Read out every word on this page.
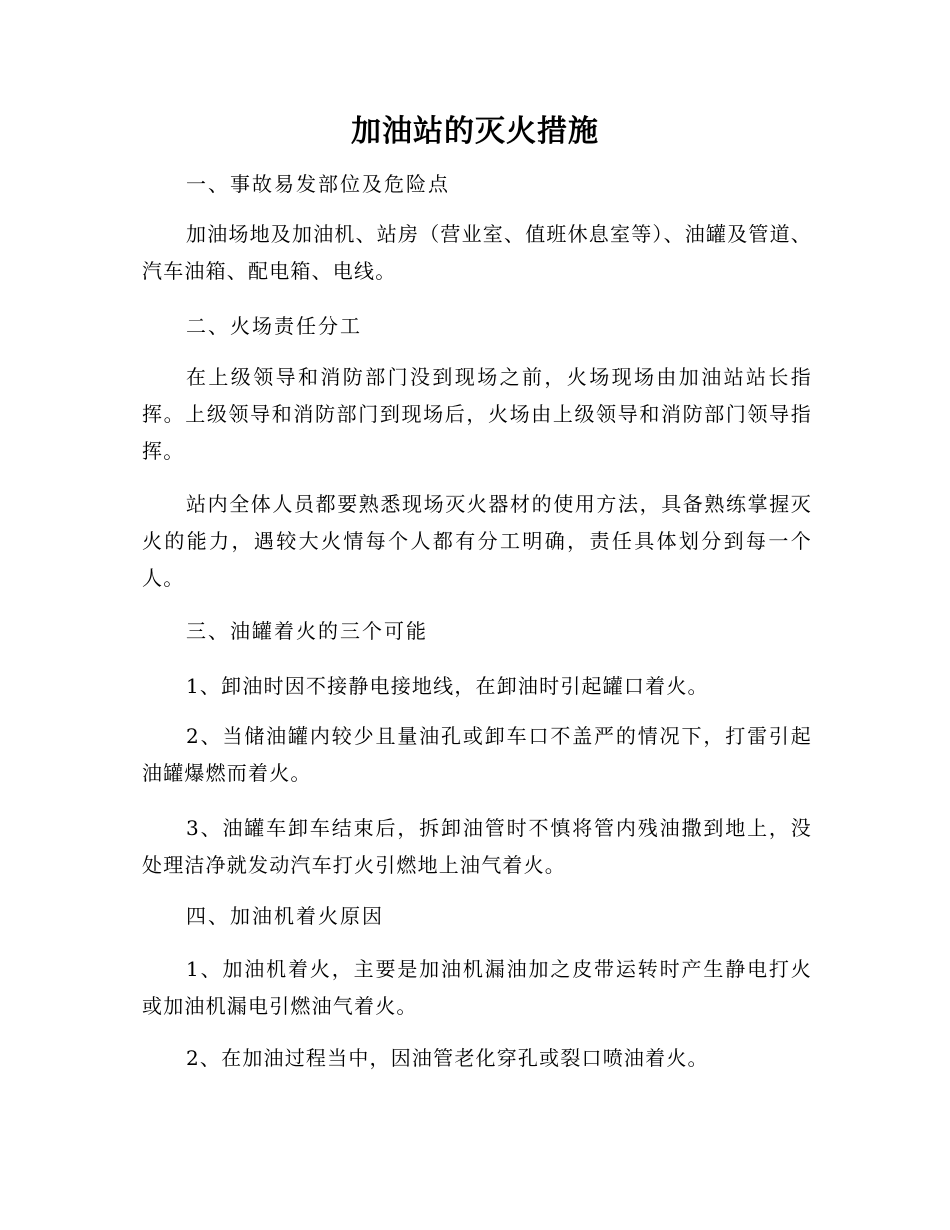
加油站的灭火措施

一、事故易发部位及危险点

加油场地及加油机、站房（营业室、值班休息室等）、油罐及管道、汽车油箱、配电箱、电线。

二、火场责任分工

在上级领导和消防部门没到现场之前，火场现场由加油站站长指挥。上级领导和消防部门到现场后，火场由上级领导和消防部门领导指挥。

站内全体人员都要熟悉现场灭火器材的使用方法，具备熟练掌握灭火的能力，遇较大火情每个人都有分工明确，责任具体划分到每一个人。

三、油罐着火的三个可能

1、卸油时因不接静电接地线，在卸油时引起罐口着火。

2、当储油罐内较少且量油孔或卸车口不盖严的情况下，打雷引起油罐爆燃而着火。

3、油罐车卸车结束后，拆卸油管时不慎将管内残油撒到地上，没处理洁净就发动汽车打火引燃地上油气着火。

四、加油机着火原因

1、加油机着火，主要是加油机漏油加之皮带运转时产生静电打火或加油机漏电引燃油气着火。

2、在加油过程当中，因油管老化穿孔或裂口喷油着火。
